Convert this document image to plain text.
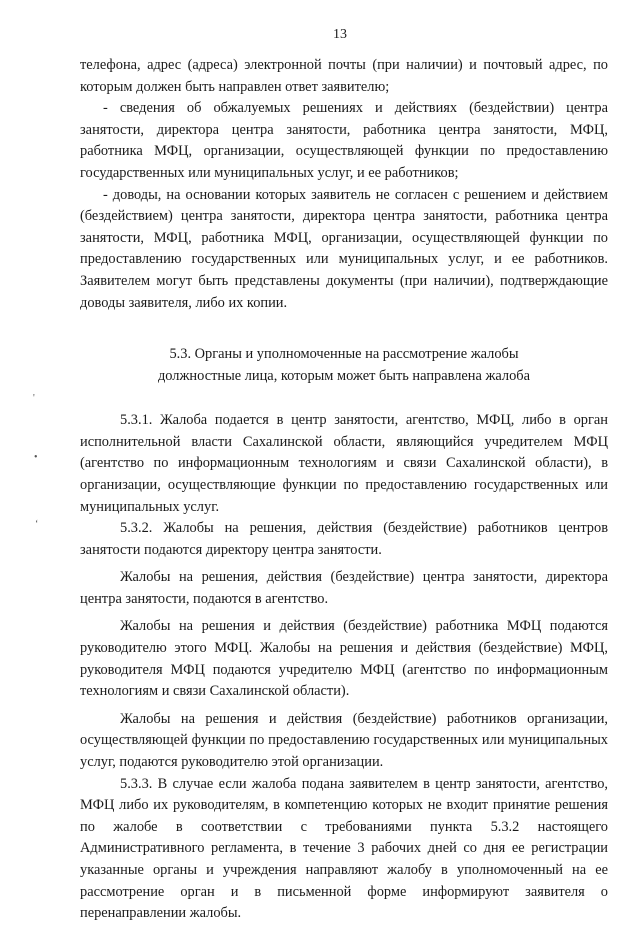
13
'
•
‘

телефона, адрес (адреса) электронной почты (при наличии) и почтовый адрес, по которым должен быть направлен ответ заявителю;

- сведения об обжалуемых решениях и действиях (бездействии) центра занятости, директора центра занятости, работника центра занятости, МФЦ, работника МФЦ, организации, осуществляющей функции по предоставлению государственных или муниципальных услуг, и ее работников;

- доводы, на основании которых заявитель не согласен с решением и действием (бездействием) центра занятости, директора центра занятости, работника центра занятости, МФЦ, работника МФЦ, организации, осуществляющей функции по предоставлению государственных или муниципальных услуг, и ее работников. Заявителем могут быть представлены документы (при наличии), подтверждающие доводы заявителя, либо их копии.

5.3. Органы и уполномоченные на рассмотрение жалобы
должностные лица, которым может быть направлена жалоба

5.3.1. Жалоба подается в центр занятости, агентство, МФЦ, либо в орган исполнительной власти Сахалинской области, являющийся учредителем МФЦ (агентство по информационным технологиям и связи Сахалинской области), в организации, осуществляющие функции по предоставлению государственных или муниципальных услуг.

5.3.2. Жалобы на решения, действия (бездействие) работников центров занятости подаются директору центра занятости.

Жалобы на решения, действия (бездействие) центра занятости, директора центра занятости, подаются в агентство.

Жалобы на решения и действия (бездействие) работника МФЦ подаются руководителю этого МФЦ. Жалобы на решения и действия (бездействие) МФЦ, руководителя МФЦ подаются учредителю МФЦ (агентство по информационным технологиям и связи Сахалинской области).

Жалобы на решения и действия (бездействие) работников организации, осуществляющей функции по предоставлению государственных или муниципальных услуг, подаются руководителю этой организации.

5.3.3. В случае если жалоба подана заявителем в центр занятости, агентство, МФЦ либо их руководителям, в компетенцию которых не входит принятие решения по жалобе в соответствии с требованиями пункта 5.3.2 настоящего Административного регламента, в течение 3 рабочих дней со дня ее регистрации указанные органы и учреждения направляют жалобу в уполномоченный на ее рассмотрение орган и в письменной форме информируют заявителя о перенаправлении жалобы.
